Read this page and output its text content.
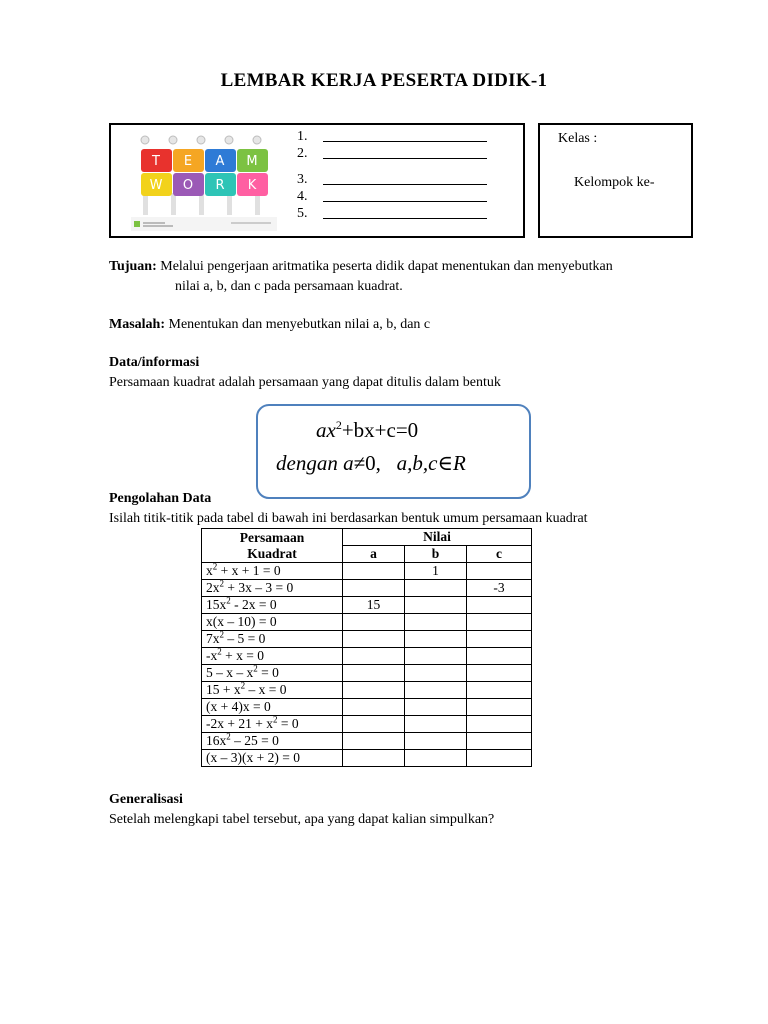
LEMBAR KERJA PESERTA DIDIK-1
T E A M
W O R K
1.
2.
3.
4.
5.
Kelas :
Kelompok ke-
Tujuan: Melalui pengerjaan aritmatika peserta didik dapat menentukan dan menyebutkan
nilai a, b, dan c pada persamaan kuadrat.
Masalah: Menentukan dan menyebutkan nilai a, b, dan c
Data/informasi
Persamaan kuadrat adalah persamaan yang dapat ditulis dalam bentuk
$ax^2+bx+c=0$
dengan a≠0, a,b,c∈R
Pengolahan Data
Isilah titik-titik pada tabel di bawah ini berdasarkan bentuk umum persamaan kuadrat
Persamaan
Kuadrat	Nilai		
	a	b	c
$x^2 + x + 1 = 0$		1	
$2x^2 + 3x - 3 = 0$			-3
$15x^2 - 2x = 0$	15		
x(x – 10) = 0			
$7x^2 - 5 = 0$			
$-x^2 + x = 0$			
$5 - x - x^2 = 0$			
$15 + x^2 - x = 0$			
(x + 4)x = 0			
$-2x + 21 + x^2 = 0$			
$16x^2 - 25 = 0$			
(x – 3)(x + 2) = 0			
Generalisasi
Setelah melengkapi tabel tersebut, apa yang dapat kalian simpulkan?
